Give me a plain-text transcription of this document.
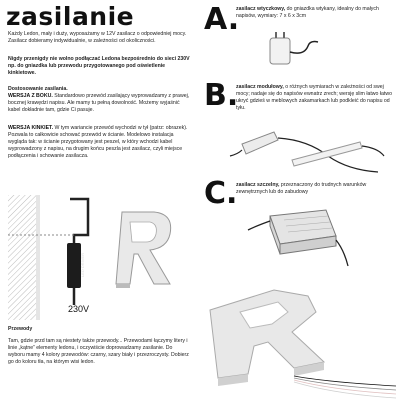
zasilanie
Każdy Ledon, mały i duży, wyposażamy w 12V zasilacz o odpowiedniej mocy. Zasilacz dobieramy indywidualnie, w zależności od okoliczności.
Nigdy przenigdy nie wolno podłączać Ledona bezpośrednio do sieci 230V np. do gniazdka lub przewodu przygotowanego pod oświetlenie kinkietowe.
Dostosowanie zasilania.
WERSJA Z BOKU. Standardowo przewód zasilający wyprowadzamy z prawej, bocznej krawędzi napisu. Ale mamy tu pełną dowolność. Możemy wyjaśnić kabel dokładnie tam, gdzie Ci pasuje.
WERSJA KINKIET. W tym wariancie przewód wychodzi w tył (patrz: obrazek). Pozwala to całkowicie schować przewód w ścianie. Modelowo instalacja wygląda tak: w ścianie przygotowany jest peszel, w który wchodzi kabel wyprowadzony z napisu, na drugim końcu peszla jest zasilacz, czyli miejsce podłączenia i schowanie zasilacza.
LED DRIVER
230V
Przewody
Tam, gdzie przd tam są niestety także przewody... Przewodami łączymy litery i linie „kątne” elementy ledonu, i oczywiście doprowadzamy zasilanie. Do wyboru mamy 4 kolory przewodów: czarny, szary biały i przezroczysty. Dobierz go do koloru tła, na którym wisi ledon.
A.
zasilacz wtyczkowy, do gniazdka wtykany, idealny do małych napisów, wymiary: 7 x 6 x 3cm
B.
zasilacz modułowy, o różnych wymiarach w zależności od swej mocy; nadaje się do napisów ewnatrz zrech; wersję slim łatwo łatwo ukryć gdzieś w meblowych zakamarkach lub podkleić do napisu od tyłu.
C.
zasilacz szczelny, przeznaczony do trudnych warunków zewnętrznych lub do zabudowy
